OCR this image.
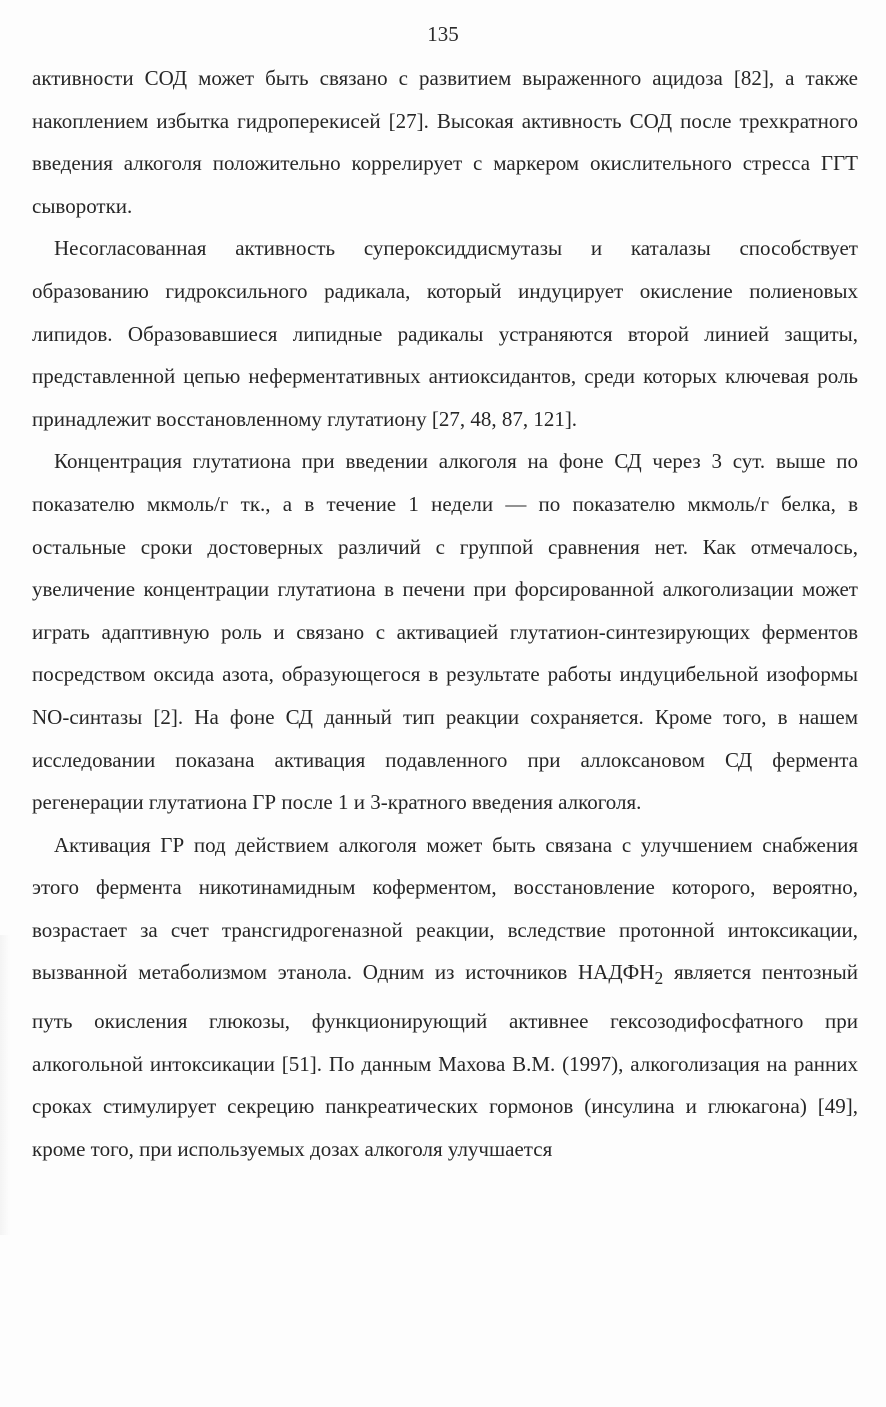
135

активности СОД может быть связано с развитием выраженного ацидоза [82], а также накоплением избытка гидроперекисей [27]. Высокая активность СОД после трехкратного введения алкоголя положительно коррелирует с маркером окислительного стресса ГГТ сыворотки.

Несогласованная активность супероксиддисмутазы и каталазы способствует образованию гидроксильного радикала, который индуцирует окисление полиеновых липидов. Образовавшиеся липидные радикалы устраняются второй линией защиты, представленной цепью неферментативных антиоксидантов, среди которых ключевая роль принадлежит восстановленному глутатиону [27, 48, 87, 121].

Концентрация глутатиона при введении алкоголя на фоне СД через 3 сут. выше по показателю мкмоль/г тк., а в течение 1 недели — по показателю мкмоль/г белка, в остальные сроки достоверных различий с группой сравнения нет. Как отмечалось, увеличение концентрации глутатиона в печени при форсированной алкоголизации может играть адаптивную роль и связано с активацией глутатион-синтезирующих ферментов посредством оксида азота, образующегося в результате работы индуцибельной изоформы NO-синтазы [2]. На фоне СД данный тип реакции сохраняется. Кроме того, в нашем исследовании показана активация подавленного при аллоксановом СД фермента регенерации глутатиона ГР после 1 и 3-кратного введения алкоголя.

Активация ГР под действием алкоголя может быть связана с улучшением снабжения этого фермента никотинамидным коферментом, восстановление которого, вероятно, возрастает за счет трансгидрогеназной реакции, вследствие протонной интоксикации, вызванной метаболизмом этанола. Одним из источников $НАДФН_2$ является пентозный путь окисления глюкозы, функционирующий активнее гексозодифосфатного при алкогольной интоксикации [51]. По данным Махова В.М. (1997), алкоголизация на ранних сроках стимулирует секрецию панкреатических гормонов (инсулина и глюкагона) [49], кроме того, при используемых дозах алкоголя улучшается
